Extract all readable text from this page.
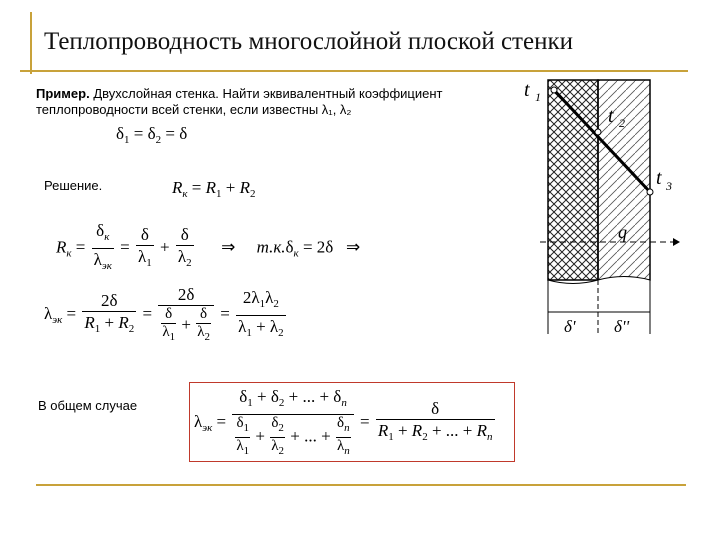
Теплопроводность многослойной плоской стенки
Пример. Двухслойная стенка. Найти эквивалентный коэффициент теплопроводности всей стенки, если известны λ₁, λ₂
$\delta_1 = \delta_2 = \delta$
Решение.	$R_к = R_1 + R_2$
$R_к = \frac{\delta_к}{\lambda_{эк}} = \frac{\delta}{\lambda_1} + \frac{\delta}{\lambda_2}$ ⇒     $т.к.\delta_к = 2\delta$   ⇒
$\lambda_{эк} = \frac{2\delta}{R_1 + R_2} = \frac{2\delta}{\frac{\delta}{\lambda_1} + \frac{\delta}{\lambda_2}} = \frac{2\lambda_1\lambda_2}{\lambda_1 + \lambda_2}$
В общем случае
$\lambda_{эк} = \frac{\delta_1 + \delta_2 + ... + \delta_n}{\frac{\delta_1}{\lambda_1} + \frac{\delta_2}{\lambda_2} + ... + \frac{\delta_n}{\lambda_n}} = \frac{\delta}{R_1 + R_2 + ... + R_n}$
t 1
t 2
t 3
q
δ' δ''
